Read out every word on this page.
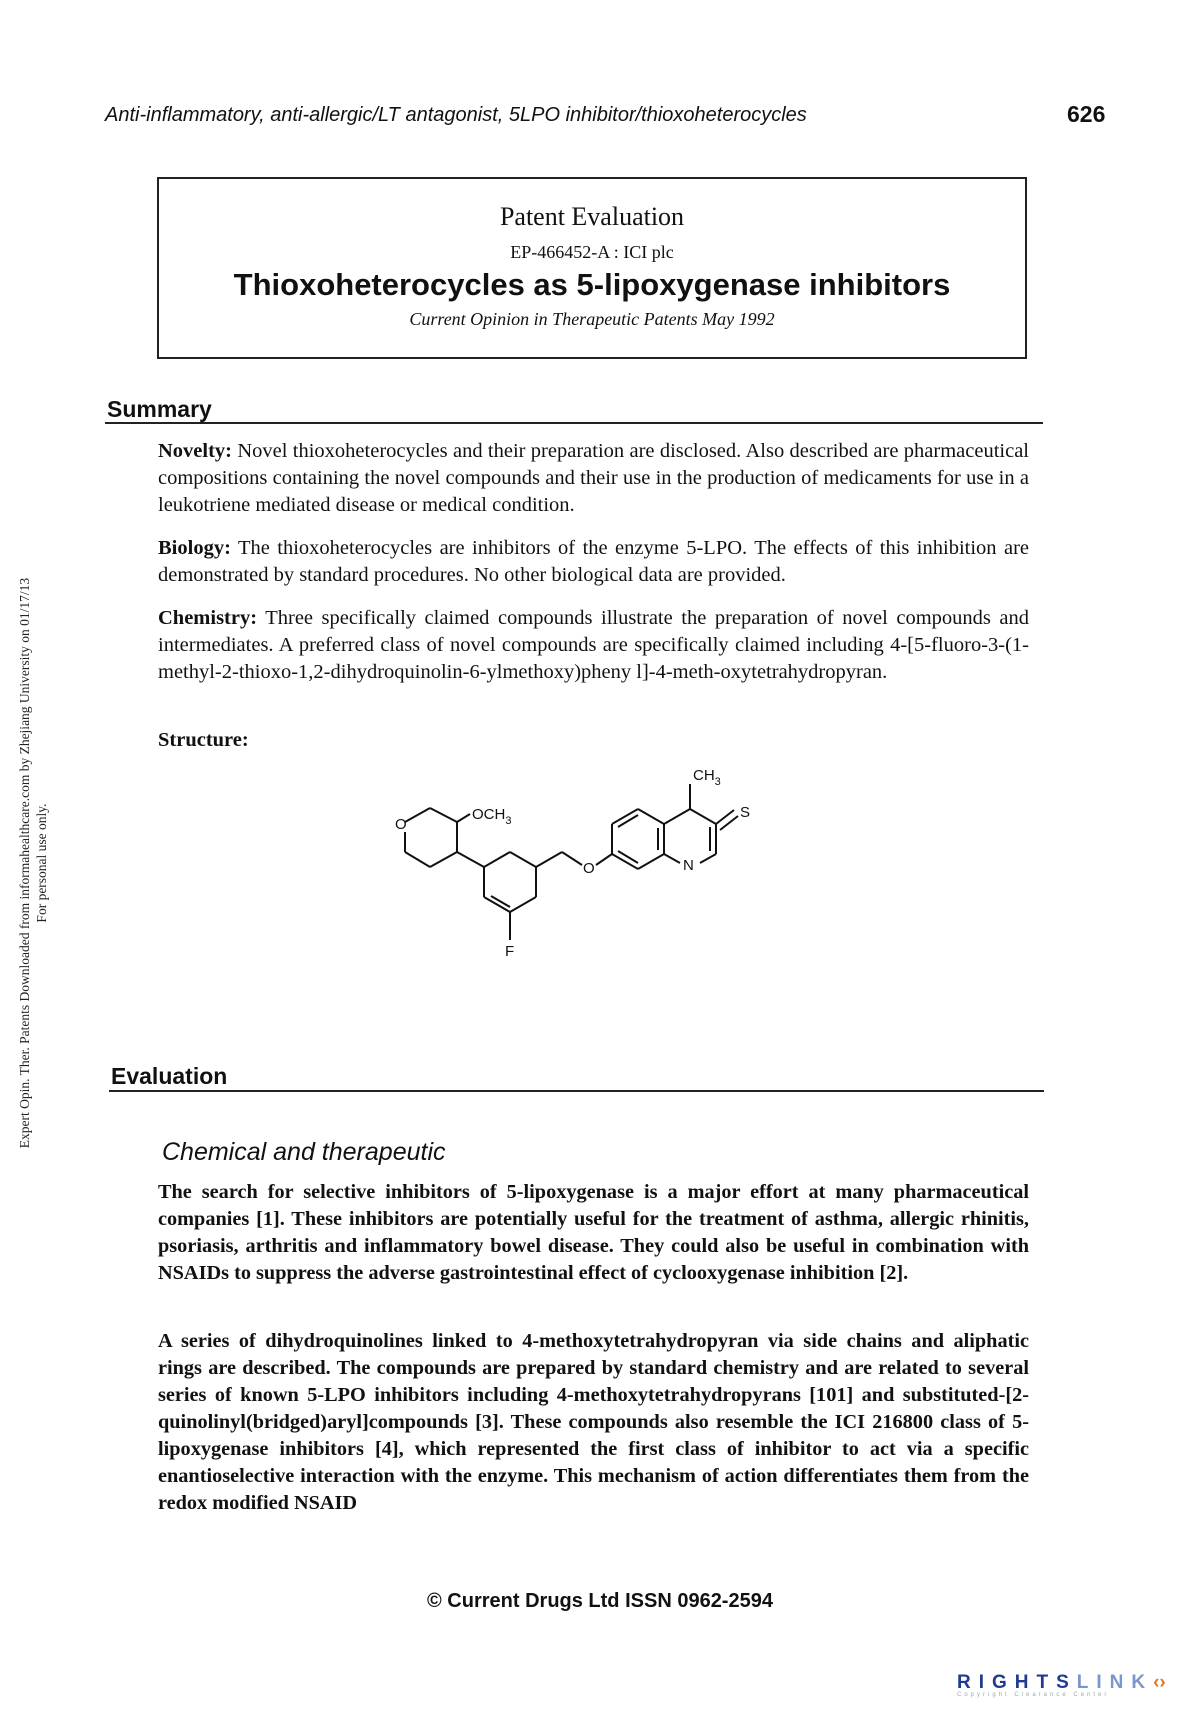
Anti-inflammatory, anti-allergic/LT antagonist, 5LPO inhibitor/thioxoheterocycles	626
Expert Opin. Ther. Patents Downloaded from informahealthcare.com by Zhejiang University on 01/17/13 For personal use only.
Patent Evaluation
EP-466452-A : ICI plc
Thioxoheterocycles as 5-lipoxygenase inhibitors
Current Opinion in Therapeutic Patents May 1992
Summary
Novelty: Novel thioxoheterocycles and their preparation are disclosed. Also described are pharmaceutical compositions containing the novel compounds and their use in the production of medicaments for use in a leukotriene mediated disease or medical condition.
Biology: The thioxoheterocycles are inhibitors of the enzyme 5-LPO. The effects of this inhibition are demonstrated by standard procedures. No other biological data are provided.
Chemistry: Three specifically claimed compounds illustrate the preparation of novel compounds and intermediates. A preferred class of novel compounds are specifically claimed including 4-[5-fluoro-3-(1-methyl-2-thioxo-1,2-dihydroquinolin-6-ylmethoxy)pheny l]-4-meth-oxytetrahydropyran.
Structure:
O
$OCH_3$
F
O	N
S
$CH_3$
Evaluation
Chemical and therapeutic
The search for selective inhibitors of 5-lipoxygenase is a major effort at many pharmaceutical companies [1]. These inhibitors are potentially useful for the treatment of asthma, allergic rhinitis, psoriasis, arthritis and inflammatory bowel disease. They could also be useful in combination with NSAIDs to suppress the adverse gastrointestinal effect of cyclooxygenase inhibition [2].
A series of dihydroquinolines linked to 4-methoxytetrahydropyran via side chains and aliphatic rings are described. The compounds are prepared by standard chemistry and are related to several series of known 5-LPO inhibitors including 4-methoxytetrahydropyrans [101] and substituted-[2-quinolinyl(bridged)aryl]compounds [3]. These compounds also resemble the ICI 216800 class of 5-lipoxygenase inhibitors [4], which represented the first class of inhibitor to act via a specific enantioselective interaction with the enzyme. This mechanism of action differentiates them from the redox modified NSAID
© Current Drugs Ltd ISSN 0962-2594
RIGHTSLINK‹›
Copyright Clearance Center
